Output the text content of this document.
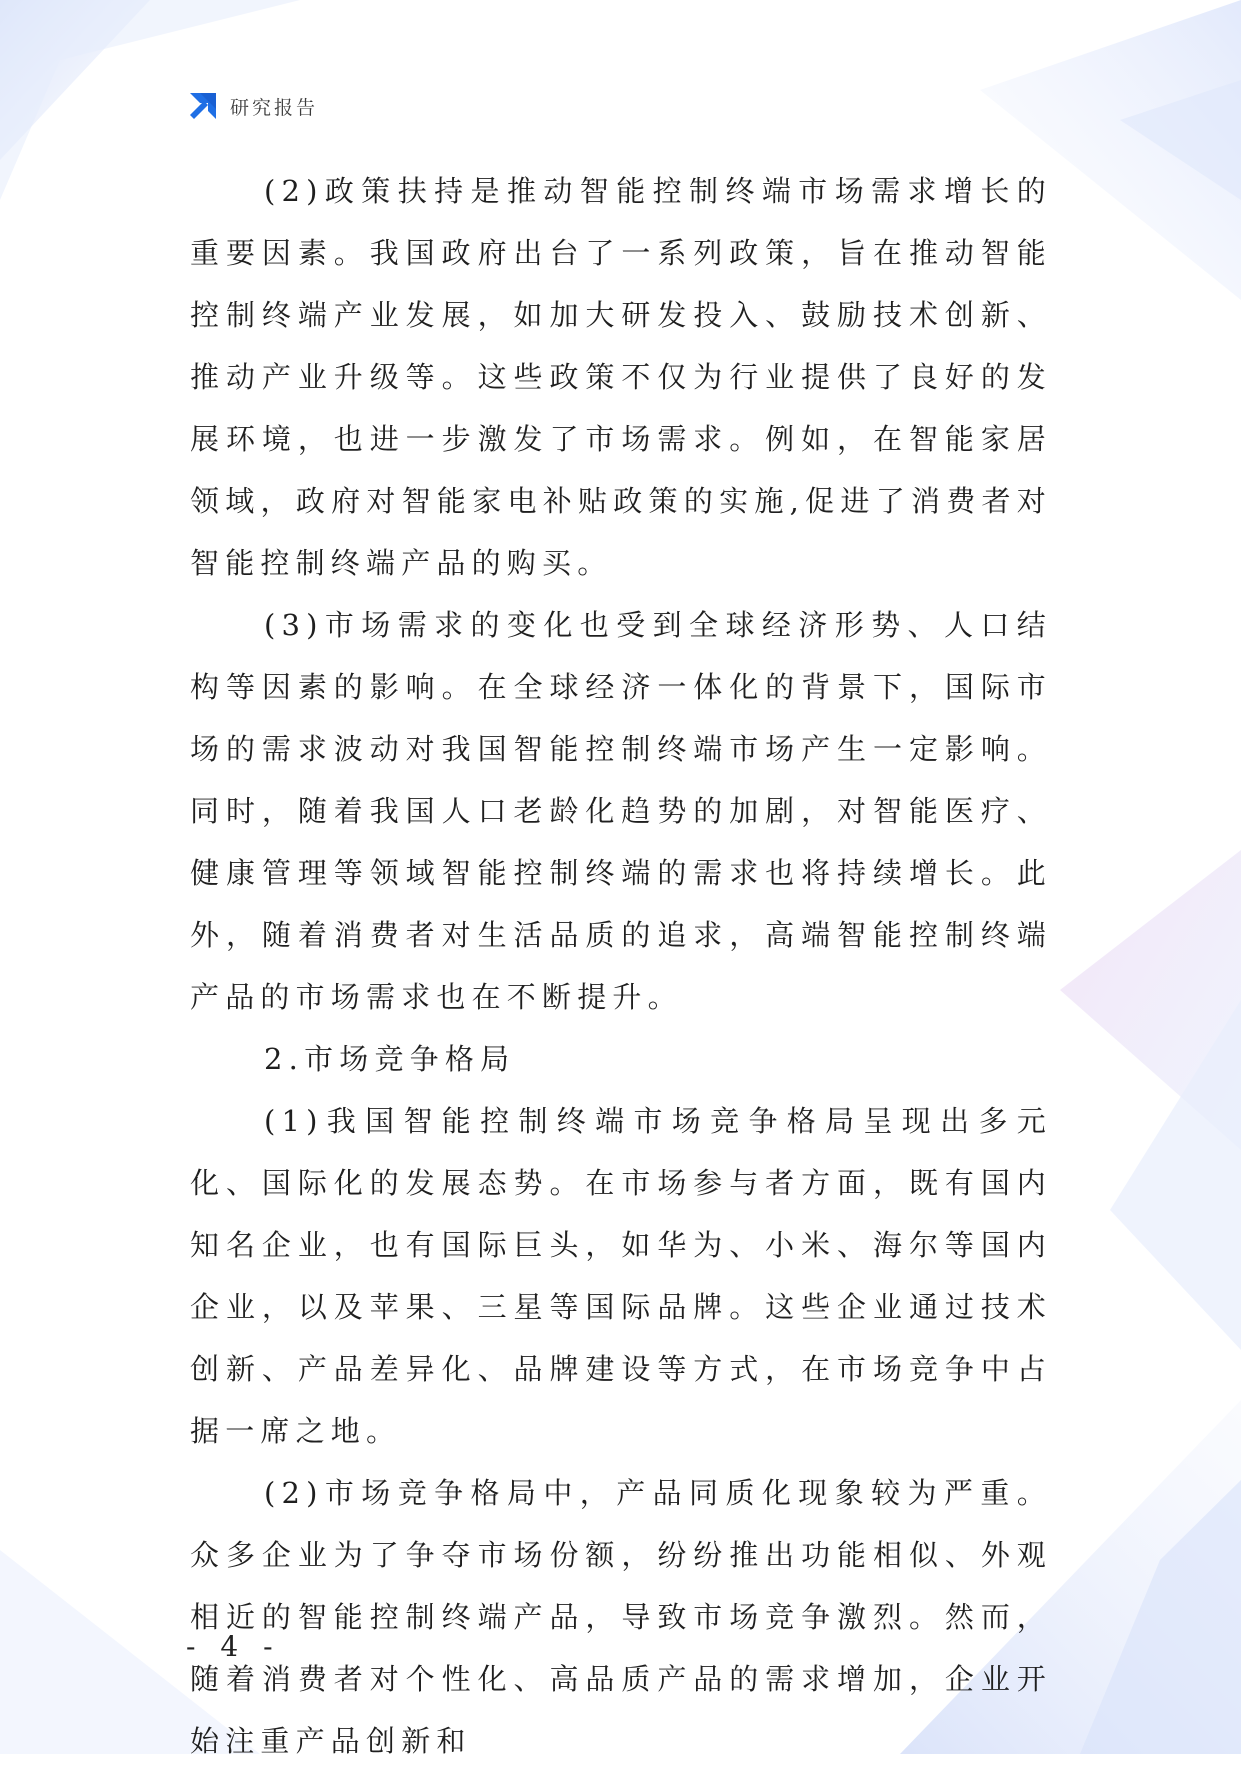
研究报告

(2)政策扶持是推动智能控制终端市场需求增长的重要因素。我国政府出台了一系列政策，旨在推动智能控制终端产业发展，如加大研发投入、鼓励技术创新、推动产业升级等。这些政策不仅为行业提供了良好的发展环境，也进一步激发了市场需求。例如，在智能家居领域，政府对智能家电补贴政策的实施,促进了消费者对智能控制终端产品的购买。

(3)市场需求的变化也受到全球经济形势、人口结构等因素的影响。在全球经济一体化的背景下，国际市场的需求波动对我国智能控制终端市场产生一定影响。同时，随着我国人口老龄化趋势的加剧，对智能医疗、健康管理等领域智能控制终端的需求也将持续增长。此外，随着消费者对生活品质的追求，高端智能控制终端产品的市场需求也在不断提升。

2.市场竞争格局

(1)我国智能控制终端市场竞争格局呈现出多元化、国际化的发展态势。在市场参与者方面，既有国内知名企业，也有国际巨头，如华为、小米、海尔等国内企业，以及苹果、三星等国际品牌。这些企业通过技术创新、产品差异化、品牌建设等方式，在市场竞争中占据一席之地。

(2)市场竞争格局中，产品同质化现象较为严重。众多企业为了争夺市场份额，纷纷推出功能相似、外观相近的智能控制终端产品，导致市场竞争激烈。然而，随着消费者对个性化、高品质产品的需求增加，企业开始注重产品创新和

- 4 -
